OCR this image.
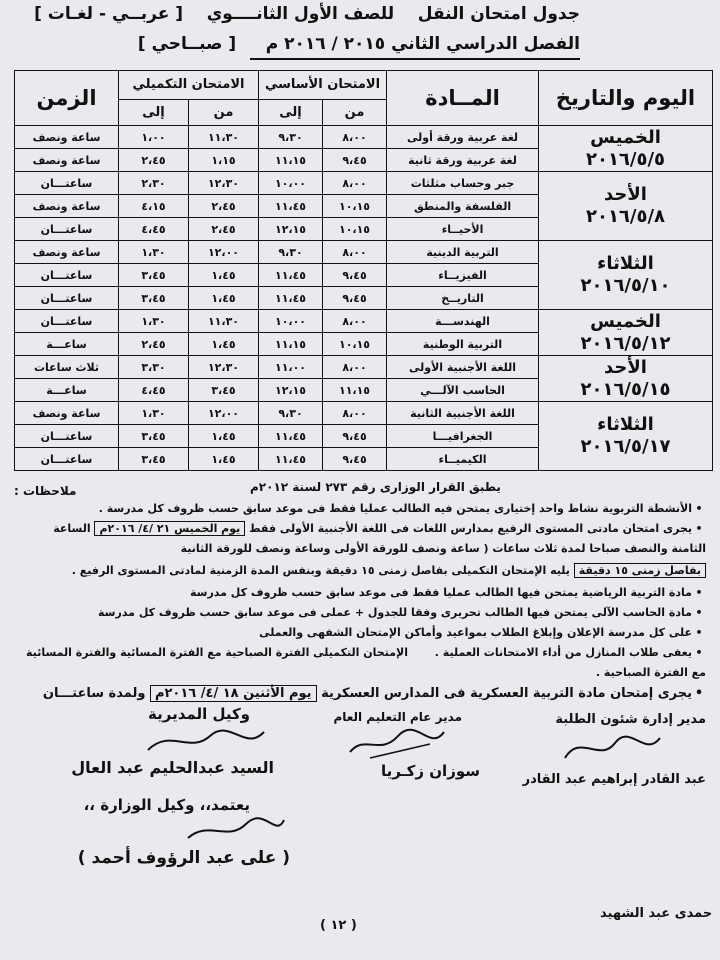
جدول امتحان النقل    للصف الأول الثانــــوي    [ عربــي - لغـات ]
الفصل الدراسي الثاني ٢٠١٥ / ٢٠١٦ م     [ صبــاحي ]
اليوم والتاريخ	المــادة	الامتحان الأساسي		الامتحان التكميلي		الزمن
		من	إلى	من	إلى	

الخميس
٢٠١٦/٥/٥	لغة عربية ورقة أولى	٨،٠٠	٩،٣٠	١١،٣٠	١،٠٠	ساعة ونصف
	لغة عربية ورقة ثانية	٩،٤٥	١١،١٥	١،١٥	٢،٤٥	ساعة ونصف

الأحد
٢٠١٦/٥/٨	جبر وحساب مثلثات	٨،٠٠	١٠،٠٠	١٢،٣٠	٢،٣٠	ساعتـــان
	الفلسفة والمنطق	١٠،١٥	١١،٤٥	٢،٤٥	٤،١٥	ساعة ونصف
	الأحيــاء	١٠،١٥	١٢،١٥	٢،٤٥	٤،٤٥	ساعتـــان

الثلاثاء
٢٠١٦/٥/١٠	التربية الدينية	٨،٠٠	٩،٣٠	١٢،٠٠	١،٣٠	ساعة ونصف
	الفيزيــاء	٩،٤٥	١١،٤٥	١،٤٥	٣،٤٥	ساعتـــان
	التاريــخ	٩،٤٥	١١،٤٥	١،٤٥	٣،٤٥	ساعتـــان

الخميس
٢٠١٦/٥/١٢	الهندســـة	٨،٠٠	١٠،٠٠	١١،٣٠	١،٣٠	ساعتـــان
	التربية الوطنية	١٠،١٥	١١،١٥	١،٤٥	٢،٤٥	ساعـــة

الأحد
٢٠١٦/٥/١٥	اللغة الأجنبية الأولى	٨،٠٠	١١،٠٠	١٢،٣٠	٣،٣٠	ثلاث ساعات
	الحاسب الآلـــي	١١،١٥	١٢،١٥	٣،٤٥	٤،٤٥	ساعـــة

الثلاثاء
٢٠١٦/٥/١٧	اللغة الأجنبية الثانية	٨،٠٠	٩،٣٠	١٢،٠٠	١،٣٠	ساعة ونصف
	الجغرافيـــا	٩،٤٥	١١،٤٥	١،٤٥	٣،٤٥	ساعتـــان
	الكيميــاء	٩،٤٥	١١،٤٥	١،٤٥	٣،٤٥	ساعتـــان
ملاحظات :	يطبق القرار الوزارى رقم ٢٧٣ لسنة ٢٠١٢م
•الأنشطة التربوية نشاط واحد إختيارى يمتحن فيه الطالب عمليا فقط فى موعد سابق حسب ظروف كل مدرسة .
•يجرى امتحان مادتى المستوى الرفيع بمدارس اللغات فى اللغة الأجنبية الأولى فقط يوم الخميس ٢١ /٤/ ٢٠١٦م الساعة
الثامنة والنصف صباحا لمدة ثلاث ساعات ( ساعة ونصف للورقة الأولى وساعة ونصف للورقة الثانية
بفاصل زمنى ١٥ دقيقة يليه الإمتحان التكميلى بفاصل زمنى ١٥ دقيقة وبنفس المدة الزمنية لمادتى المستوى الرفيع .
•مادة التربية الرياضية يمتحن فيها الطالب عمليا فقط فى موعد سابق حسب ظروف كل مدرسة
•مادة الحاسب الآلى يمتحن فيها الطالب تحريرى وفقا للجدول + عملى فى موعد سابق حسب ظروف كل مدرسة
•على كل مدرسة الإعلان وإبلاغ الطلاب بمواعيد وأماكن الإمتحان الشفهى والعملى
•يعفى طلاب المنازل من أداء الامتحانات العملية .       الإمتحان التكميلى الفترة الصباحية مع الفترة المسائية والفترة المسائية
مع الفترة الصباحية .
•يجرى إمتحان مادة التربية العسكرية فى المدارس العسكرية يوم الأثنين ١٨ /٤/ ٢٠١٦م ولمدة ساعتـــان
مدير إدارة شئون الطلبة
عبد القادر إبراهيم عبد القادر
مدير عام التعليم العام
سوزان زكـريا
وكيل المديرية
السيد عبدالحليم عبد العال
يعتمد،، وكيل الوزارة ،،
( على عبد الرؤوف أحمد )
( ١٢ )
حمدى عبد الشهيد
